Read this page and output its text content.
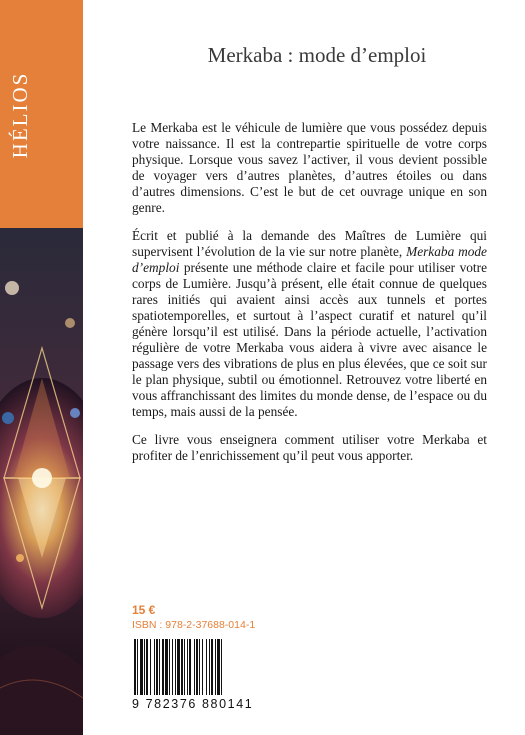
HÉLIOS
Merkaba : mode d’emploi

Le Merkaba est le véhicule de lumière que vous possédez depuis votre naissance. Il est la contrepartie spirituelle de votre corps physique. Lorsque vous savez l’activer, il vous devient possible de voyager vers d’autres planètes, d’autres étoiles ou dans d’autres dimensions. C’est le but de cet ouvrage unique en son genre.

Écrit et publié à la demande des Maîtres de Lumière qui supervisent l’évolution de la vie sur notre planète, Merkaba mode d’emploi présente une méthode claire et facile pour utiliser votre corps de Lumière. Jusqu’à présent, elle était connue de quelques rares initiés qui avaient ainsi accès aux tunnels et portes spatiotemporelles, et surtout à l’aspect curatif et naturel qu’il génère lorsqu’il est utilisé. Dans la période actuelle, l’activation régulière de votre Merkaba vous aidera à vivre avec aisance le passage vers des vibrations de plus en plus élevées, que ce soit sur le plan physique, subtil ou émotionnel. Retrouvez votre liberté en vous affranchissant des limites du monde dense, de l’espace ou du temps, mais aussi de la pensée.

Ce livre vous enseignera comment utiliser votre Merkaba et profiter de l’enrichissement qu’il peut vous apporter.

15 €
ISBN : 978-2-37688-014-1
9 782376 880141
